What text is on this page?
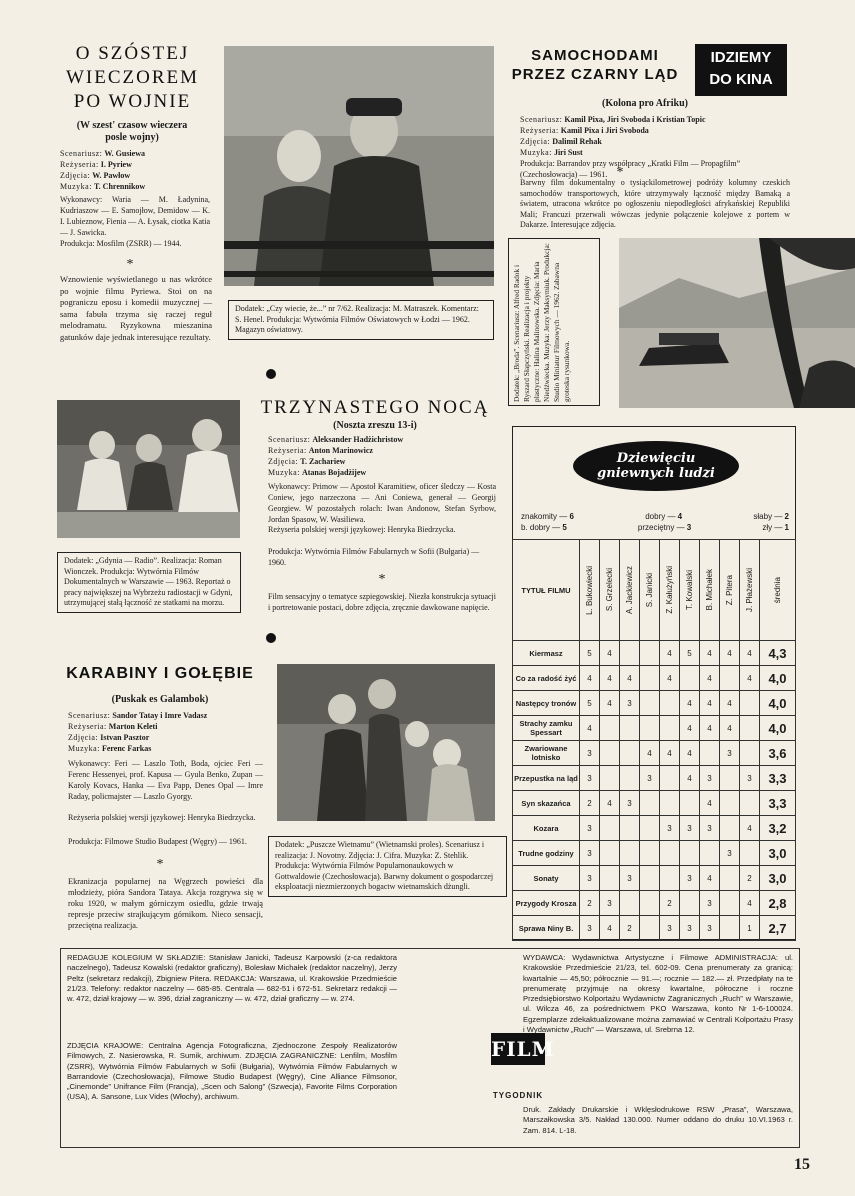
O SZÓSTEJ
WIECZOREM
PO WOJNIE
(W szest' czasow wieczera
posle wojny)
Scenariusz: W. Gusiewa
Reżyseria: I. Pyriew
Zdjęcia: W. Pawłow
Muzyka: T. Chrennikow
Wykonawcy: Waria — M. Ładynina, Kudriaszow — E. Samojłow, Demidow — K. I. Lubieznow, Fienia — A. Łysak, ciotka Katia — J. Sawicka.
Produkcja: Mosfilm (ZSRR) — 1944.
*
Wznowienie wyświetlanego u nas wkrótce po wojnie filmu Pyriewa. Stoi on na pograniczu eposu i komedii muzycznej — sama fabuła trzyma się raczej reguł melodramatu. Ryzykowna mieszanina gatunków daje jednak interesujące rezultaty.
Dodatek: „Czy wiecie, że...” nr 7/62. Realizacja: M. Matraszek. Komentarz: S. Henel. Produkcja: Wytwórnia Filmów Oświatowych w Łodzi — 1962. Magazyn oświatowy.
SAMOCHODAMI
PRZEZ CZARNY LĄD
IDZIEMY
DO KINA
(Kolona pro Afriku)
Scenariusz: Kamil Pixa, Jiri Svoboda i Kristian Topic
Reżyseria: Kamil Pixa i Jiri Svoboda
Zdjęcia: Dalimil Rehak
Muzyka: Jiri Sust
Produkcja: Barrandov przy współpracy „Kratki Film — Propagfilm” (Czechosłowacja) — 1961. *
Barwny film dokumentalny o tysiąckilometrowej podróży kolumny czeskich samochodów transportowych, które utrzymywały łączność między Bamaką a światem, utracona wkrótce po ogłoszeniu niepodległości afrykańskiej Republiki Mali; Francuzi przerwali wówczas jedynie połączenie kolejowe z portem w Dakarze. Interesujące zdjęcia.
Dodatek: „Broda”. Scenariusz: Alfred Radok i Ryszard Słapczyński. Realizacja i projekty plastyczne: Halina Malinowska. Zdjęcia: Maria Niedźwiecka. Muzyka: Jerzy Maksymiuk. Produkcja: Studio Miniatur Filmowych — 1962. Zabawna groteska rysunkowa.
Dodatek: „Gdynia — Radio”. Realizacja: Roman Wionczek. Produkcja: Wytwórnia Filmów Dokumentalnych w Warszawie — 1963. Reportaż o pracy największej na Wybrzeżu radiostacji w Gdyni, utrzymującej stałą łączność ze statkami na morzu.
TRZYNASTEGO NOCĄ
(Noszta zreszu 13-i)
Scenariusz: Aleksander Hadżichristow
Reżyseria: Anton Marinowicz
Zdjęcia: T. Zachariew
Muzyka: Atanas Bojadżijew
Wykonawcy: Primow — Apostoł Karamitiew, oficer śledczy — Kosta Coniew, jego narzeczona — Ani Coniewa, generał — Georgij Georgiew. W pozostałych rolach: Iwan Andonow, Stefan Syrbow, Jordan Spasow, W. Wasiliewa.
Reżyseria polskiej wersji językowej: Henryka Biedrzycka.
Produkcja: Wytwórnia Filmów Fabularnych w Sofii (Bułgaria) — 1960.
*
Film sensacyjny o tematyce szpiegowskiej. Niezła konstrukcja sytuacji i portretowanie postaci, dobre zdjęcia, zręcznie dawkowane napięcie.
KARABINY I GOŁĘBIE
(Puskak es Galambok)
Scenariusz: Sandor Tatay i Imre Vadasz
Reżyseria: Marton Keleti
Zdjęcia: Istvan Pasztor
Muzyka: Ferenc Farkas
Wykonawcy: Feri — Laszlo Toth, Boda, ojciec Feri — Ferenc Hessenyei, prof. Kapusa — Gyula Benko, Zupan — Karoly Kovacs, Hanka — Eva Papp, Denes Opal — Imre Raday, policmajster — Laszlo Gyorgy.
Reżyseria polskiej wersji językowej: Henryka Biedrzycka.
Produkcja: Filmowe Studio Budapest (Węgry) — 1961.
*
Ekranizacja popularnej na Węgrzech powieści dla młodzieży, pióra Sandora Tataya. Akcja rozgrywa się w roku 1920, w małym górniczym osiedlu, gdzie trwają represje przeciw strajkującym górnikom. Nieco sensacji, przeciętna realizacja.
Dodatek: „Puszcze Wietnamu” (Wietnamski proles). Scenariusz i realizacja: J. Novotny. Zdjęcia: J. Cifra. Muzyka: Z. Stehlik. Produkcja: Wytwórnia Filmów Popularnonaukowych w Gottwaldowie (Czechosłowacja). Barwny dokument o gospodarczej eksploatacji niezmierzonych bogactw wietnamskich dżungli.
Dziewięciu
gniewnych ludzi
znakomity — 6	dobry — 4	słaby — 2
b. dobry — 5	przeciętny — 3	zły — 1
TYTUŁ FILMU	L. Bukowiecki	S. Grzelecki	A. Jackiewicz	S. Janicki	Z. Kałużyński	T. Kowalski	B. Michałek	Z. Pitera	J. Płażewski	średnia

Kiermasz	5	4			4	5	4	4	4	4,3
Co za radość żyć	4	4	4		4		4		4	4,0
Następcy tronów	5	4	3			4	4	4		4,0
Strachy zamku Spessart	4					4	4	4		4,0
Zwariowane lotnisko	3			4	4	4		3		3,6
Przepustka na ląd	3			3		4	3		3	3,3
Syn skazańca	2	4	3				4			3,3
Kozara	3				3	3	3		4	3,2
Trudne godziny	3							3		3,0
Sonaty	3		3			3	4		2	3,0
Przygody Krosza	2	3			2		3		4	2,8
Sprawa Niny B.	3	4	2		3	3	3		1	2,7
REDAGUJE KOLEGIUM W SKŁADZIE: Stanisław Janicki, Tadeusz Karpowski (z-ca redaktora naczelnego), Tadeusz Kowalski (redaktor graficzny), Bolesław Michałek (redaktor naczelny), Jerzy Peltz (sekretarz redakcji), Zbigniew Pitera. REDAKCJA: Warszawa, ul. Krakowskie Przedmieście 21/23. Telefony: redaktor naczelny — 685-85. Centrala — 682-51 i 672-51. Sekretarz redakcji — w. 472, dział krajowy — w. 396, dział zagraniczny — w. 472, dział graficzny — w. 274.
ZDJĘCIA KRAJOWE: Centralna Agencja Fotograficzna, Zjednoczone Zespoły Realizatorów Filmowych, Z. Nasierowska, R. Sumik, archiwum. ZDJĘCIA ZAGRANICZNE: Lenfilm, Mosfilm (ZSRR), Wytwórnia Filmów Fabularnych w Sofii (Bułgaria), Wytwórnia Filmów Fabularnych w Barrandovie (Czechosłowacja), Filmowe Studio Budapest (Węgry), Cine Alliance Filmsonor, „Cinemonde” Unifrance Film (Francja), „Scen och Salong” (Szwecja), Favorite Films Corporation (USA), A. Sansone, Lux Vides (Włochy), archiwum.
FILM
TYGODNIK
WYDAWCA: Wydawnictwa Artystyczne i Filmowe ADMINISTRACJA: ul. Krakowskie Przedmieście 21/23, tel. 602-09. Cena prenumeraty za granicą: kwartalnie — 45,50; półrocznie — 91.—; rocznie — 182.— zł. Przedpłaty na te prenumeratę przyjmuje na okresy kwartalne, półroczne i roczne Przedsiębiorstwo Kolportażu Wydawnictw Zagranicznych „Ruch” w Warszawie, ul. Wilcza 46, za pośrednictwem PKO Warszawa, konto Nr 1-6-100024. Egzemplarze zdekaktualizowane można zamawiać w Centrali Kolportażu Prasy i Wydawnictw „Ruch” — Warszawa, ul. Srebrna 12.
Druk. Zakłady Drukarskie i Wklęsłodrukowe RSW „Prasa”, Warszawa, Marszałkowska 3/5. Nakład 130.000. Numer oddano do druku 10.VI.1963 r. Zam. 814. L-18.
15
